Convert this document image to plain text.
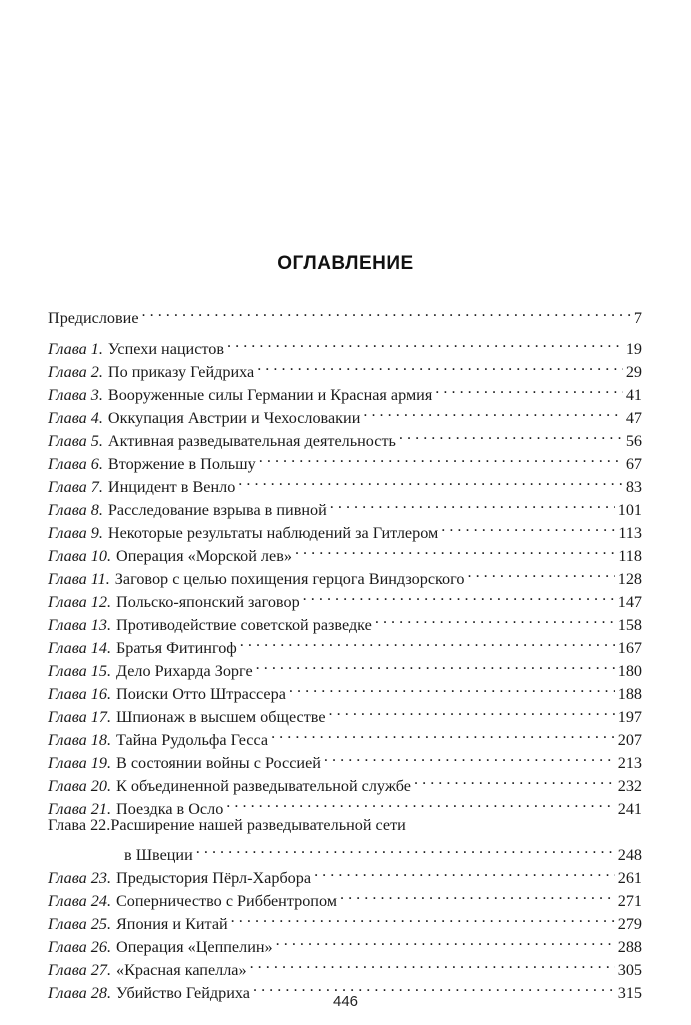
ОГЛАВЛЕНИЕ
Предисловие . . .	7
Глава 1. Успехи нацистов . . .	19
Глава 2. По приказу Гейдриха . . .	29
Глава 3. Вооруженные силы Германии и Красная армия . . .	41
Глава 4. Оккупация Австрии и Чехословакии . . .	47
Глава 5. Активная разведывательная деятельность . . .	56
Глава 6. Вторжение в Польшу . . .	67
Глава 7. Инцидент в Венло . . .	83
Глава 8. Расследование взрыва в пивной . . .	101
Глава 9. Некоторые результаты наблюдений за Гитлером . . .	113
Глава 10. Операция «Морской лев» . . .	118
Глава 11. Заговор с целью похищения герцога Виндзорского . . .	128
Глава 12. Польско-японский заговор . . .	147
Глава 13. Противодействие советской разведке . . .	158
Глава 14. Братья Фитингоф . . .	167
Глава 15. Дело Рихарда Зорге . . .	180
Глава 16. Поиски Отто Штрассера . . .	188
Глава 17. Шпионаж в высшем обществе . . .	197
Глава 18. Тайна Рудольфа Гесса . . .	207
Глава 19. В состоянии войны с Россией . . .	213
Глава 20. К объединенной разведывательной службе . . .	232
Глава 21. Поездка в Осло . . .	241
Глава 22.Расширение нашей разведывательной сети
в Швеции . . .	248
Глава 23. Предыстория Пёрл-Харбора . . .	261
Глава 24. Соперничество с Риббентропом . . .	271
Глава 25. Япония и Китай . . .	279
Глава 26. Операция «Цеппелин» . . .	288
Глава 27. «Красная капелла» . . .	305
Глава 28. Убийство Гейдриха . . .	315
446
